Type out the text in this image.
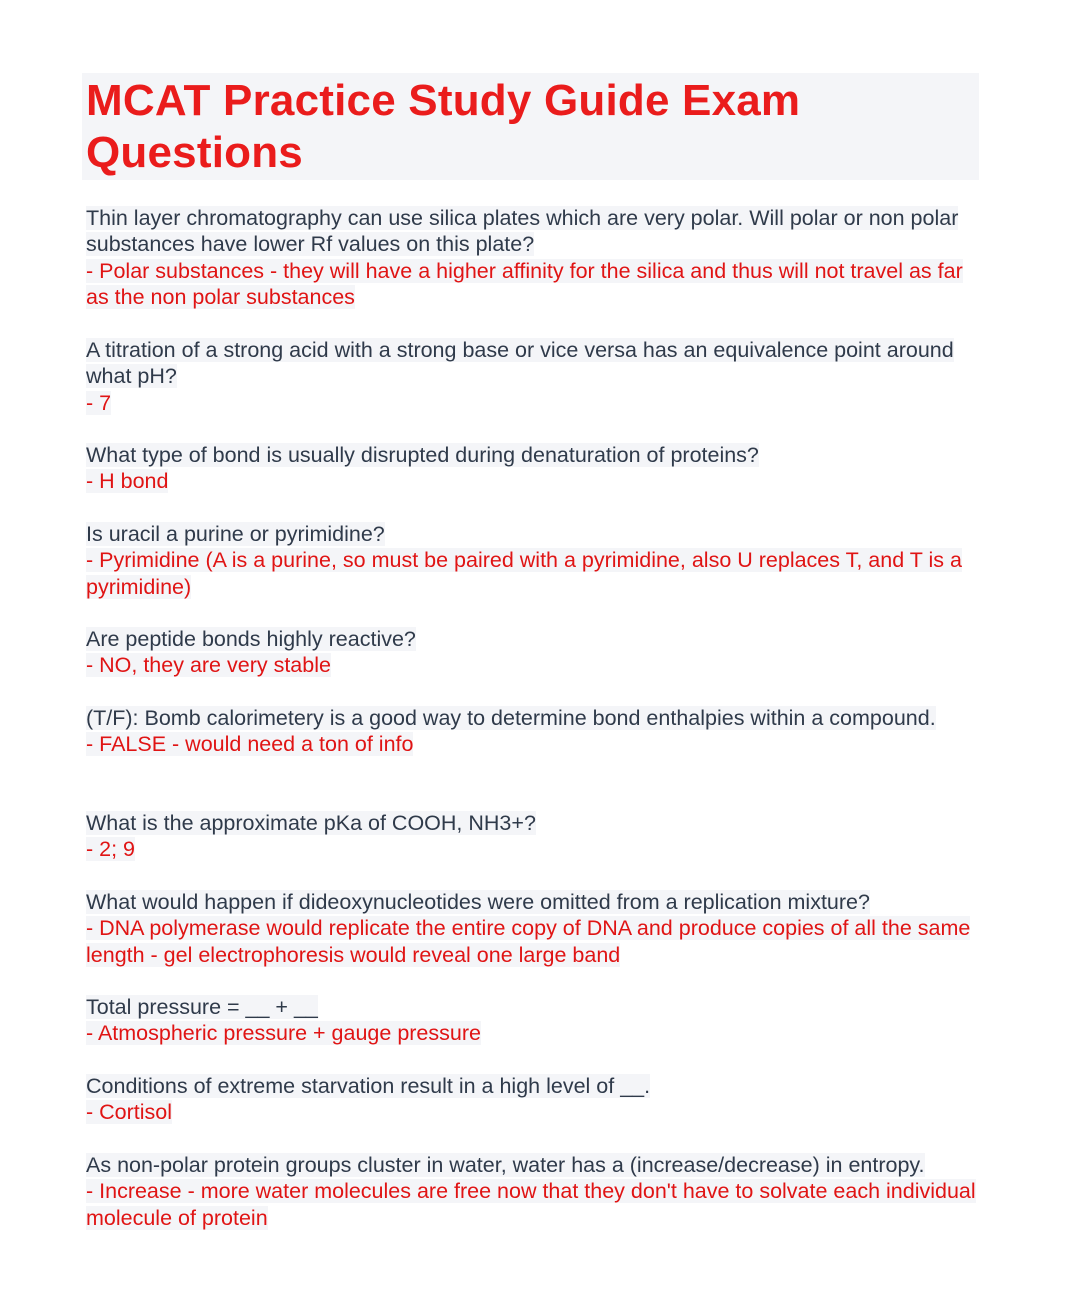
MCAT Practice Study Guide Exam Questions
Thin layer chromatography can use silica plates which are very polar. Will polar or non polar substances have lower Rf values on this plate?
- Polar substances - they will have a higher affinity for the silica and thus will not travel as far as the non polar substances
A titration of a strong acid with a strong base or vice versa has an equivalence point around what pH?
- 7
What type of bond is usually disrupted during denaturation of proteins?
- H bond
Is uracil a purine or pyrimidine?
- Pyrimidine (A is a purine, so must be paired with a pyrimidine, also U replaces T, and T is a pyrimidine)
Are peptide bonds highly reactive?
- NO, they are very stable
(T/F): Bomb calorimetery is a good way to determine bond enthalpies within a compound.
- FALSE - would need a ton of info
What is the approximate pKa of COOH, NH3+?
- 2; 9
What would happen if dideoxynucleotides were omitted from a replication mixture?
- DNA polymerase would replicate the entire copy of DNA and produce copies of all the same length - gel electrophoresis would reveal one large band
Total pressure = __ + __
- Atmospheric pressure + gauge pressure
Conditions of extreme starvation result in a high level of __.
- Cortisol
As non-polar protein groups cluster in water, water has a (increase/decrease) in entropy.
- Increase - more water molecules are free now that they don't have to solvate each individual molecule of protein
